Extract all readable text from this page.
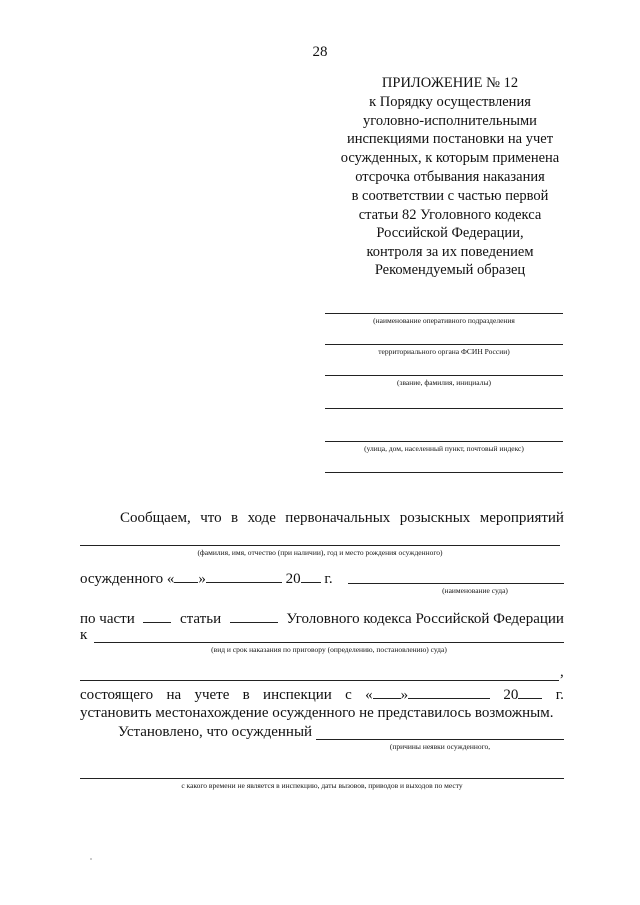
28
ПРИЛОЖЕНИЕ № 12
к Порядку осуществления
уголовно-исполнительными
инспекциями постановки на учет
осужденных, к которым применена
отсрочка отбывания наказания
в соответствии с частью первой
статьи 82 Уголовного кодекса
Российской Федерации,
контроля за их поведением
Рекомендуемый образец
(наименование оперативного подразделения
территориального органа ФСИН России)
(звание, фамилия, инициалы)
(улица, дом, населенный пункт, почтовый индекс)
Сообщаем, что в ходе первоначальных розыскных мероприятий
(фамилия, имя, отчество (при наличии), год и место рождения осужденного)
осужденного « »	20 г.
(наименование суда)
по части	статьи	Уголовного кодекса Российской Федерации
к
(вид и срок наказания по приговору (определению, постановлению) суда)
,
состоящего на учете в инспекции с « »	20	г.
установить местонахождение осужденного не представилось возможным.
Установлено, что осужденный
(причины неявки осужденного,
с какого времени не является в инспекцию, даты вызовов, приводов и выходов по месту
